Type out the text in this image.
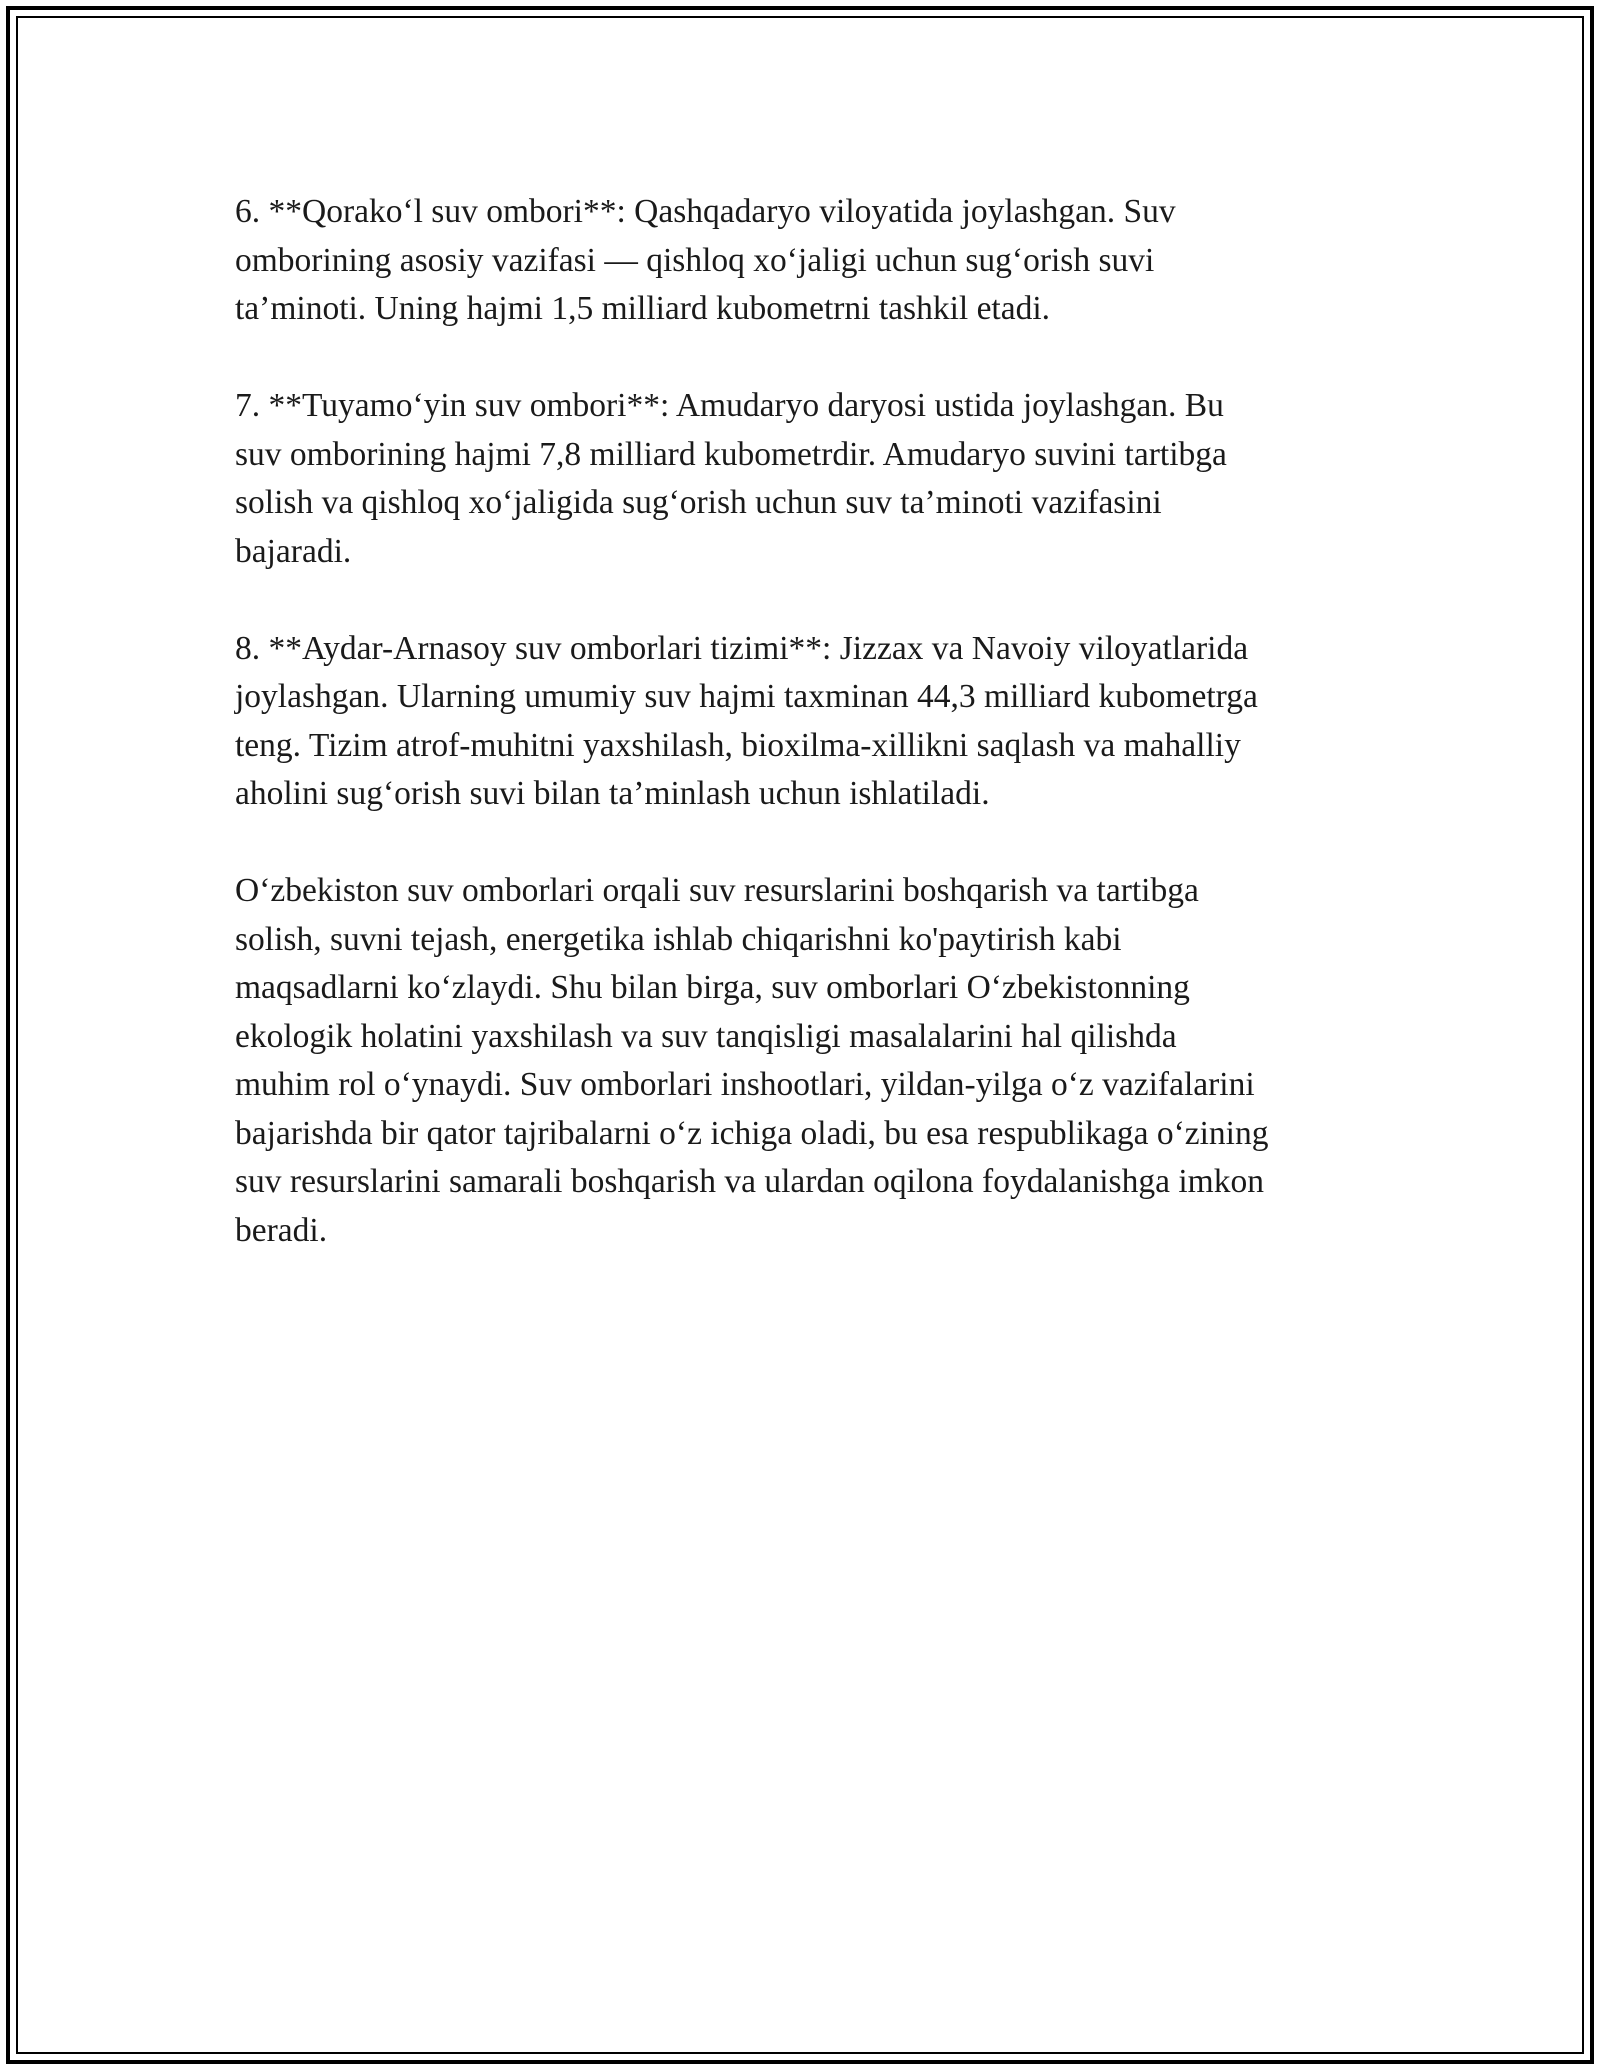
6. **Qorako‘l suv ombori**: Qashqadaryo viloyatida joylashgan. Suv
omborining asosiy vazifasi — qishloq xo‘jaligi uchun sug‘orish suvi
ta’minoti. Uning hajmi 1,5 milliard kubometrni tashkil etadi.

7. **Tuyamo‘yin suv ombori**: Amudaryo daryosi ustida joylashgan. Bu
suv omborining hajmi 7,8 milliard kubometrdir. Amudaryo suvini tartibga
solish va qishloq xo‘jaligida sug‘orish uchun suv ta’minoti vazifasini
bajaradi.

8. **Aydar-Arnasoy suv omborlari tizimi**: Jizzax va Navoiy viloyatlarida
joylashgan. Ularning umumiy suv hajmi taxminan 44,3 milliard kubometrga
teng. Tizim atrof-muhitni yaxshilash, bioxilma-xillikni saqlash va mahalliy
aholini sug‘orish suvi bilan ta’minlash uchun ishlatiladi.

O‘zbekiston suv omborlari orqali suv resurslarini boshqarish va tartibga
solish, suvni tejash, energetika ishlab chiqarishni ko'paytirish kabi
maqsadlarni ko‘zlaydi. Shu bilan birga, suv omborlari O‘zbekistonning
ekologik holatini yaxshilash va suv tanqisligi masalalarini hal qilishda
muhim rol o‘ynaydi. Suv omborlari inshootlari, yildan-yilga o‘z vazifalarini
bajarishda bir qator tajribalarni o‘z ichiga oladi, bu esa respublikaga o‘zining
suv resurslarini samarali boshqarish va ulardan oqilona foydalanishga imkon
beradi.
